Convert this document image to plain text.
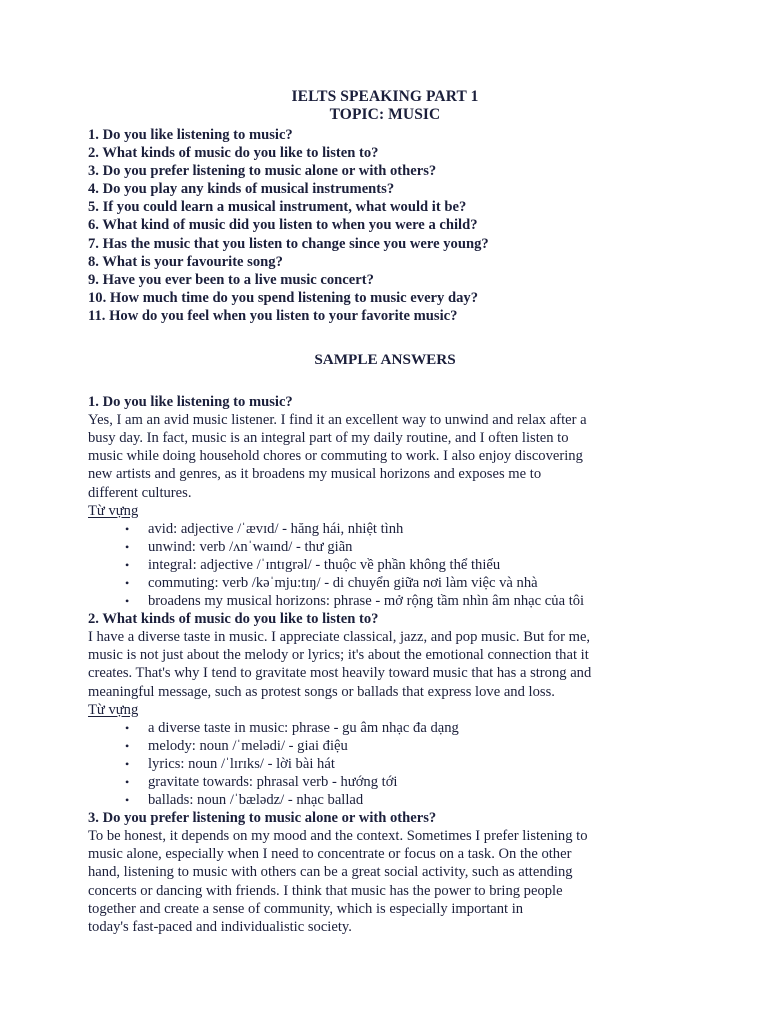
IELTS SPEAKING PART 1
TOPIC: MUSIC
1. Do you like listening to music?
2. What kinds of music do you like to listen to?
3. Do you prefer listening to music alone or with others?
4. Do you play any kinds of musical instruments?
5. If you could learn a musical instrument, what would it be?
6. What kind of music did you listen to when you were a child?
7. Has the music that you listen to change since you were young?
8. What is your favourite song?
9. Have you ever been to a live music concert?
10. How much time do you spend listening to music every day?
11. How do you feel when you listen to your favorite music?
SAMPLE ANSWERS
1. Do you like listening to music?
Yes, I am an avid music listener. I find it an excellent way to unwind and relax after a
busy day. In fact, music is an integral part of my daily routine, and I often listen to
music while doing household chores or commuting to work. I also enjoy discovering
new artists and genres, as it broadens my musical horizons and exposes me to
different cultures.
Từ vựng
• avid: adjective /ˈævɪd/ - hăng hái, nhiệt tình
• unwind: verb /ʌnˈwaɪnd/ - thư giãn
• integral: adjective /ˈɪntɪgrəl/ - thuộc về phần không thể thiếu
• commuting: verb /kəˈmju:tɪŋ/ - di chuyển giữa nơi làm việc và nhà
• broadens my musical horizons: phrase - mở rộng tầm nhìn âm nhạc của tôi
2. What kinds of music do you like to listen to?
I have a diverse taste in music. I appreciate classical, jazz, and pop music. But for me,
music is not just about the melody or lyrics; it's about the emotional connection that it
creates. That's why I tend to gravitate most heavily toward music that has a strong and
meaningful message, such as protest songs or ballads that express love and loss.
Từ vựng
• a diverse taste in music: phrase - gu âm nhạc đa dạng
• melody: noun /ˈmelədi/ - giai điệu
• lyrics: noun /ˈlɪrɪks/ - lời bài hát
• gravitate towards: phrasal verb - hướng tới
• ballads: noun /ˈbælədz/ - nhạc ballad
3. Do you prefer listening to music alone or with others?
To be honest, it depends on my mood and the context. Sometimes I prefer listening to
music alone, especially when I need to concentrate or focus on a task. On the other
hand, listening to music with others can be a great social activity, such as attending
concerts or dancing with friends. I think that music has the power to bring people
together and create a sense of community, which is especially important in
today's fast-paced and individualistic society.
